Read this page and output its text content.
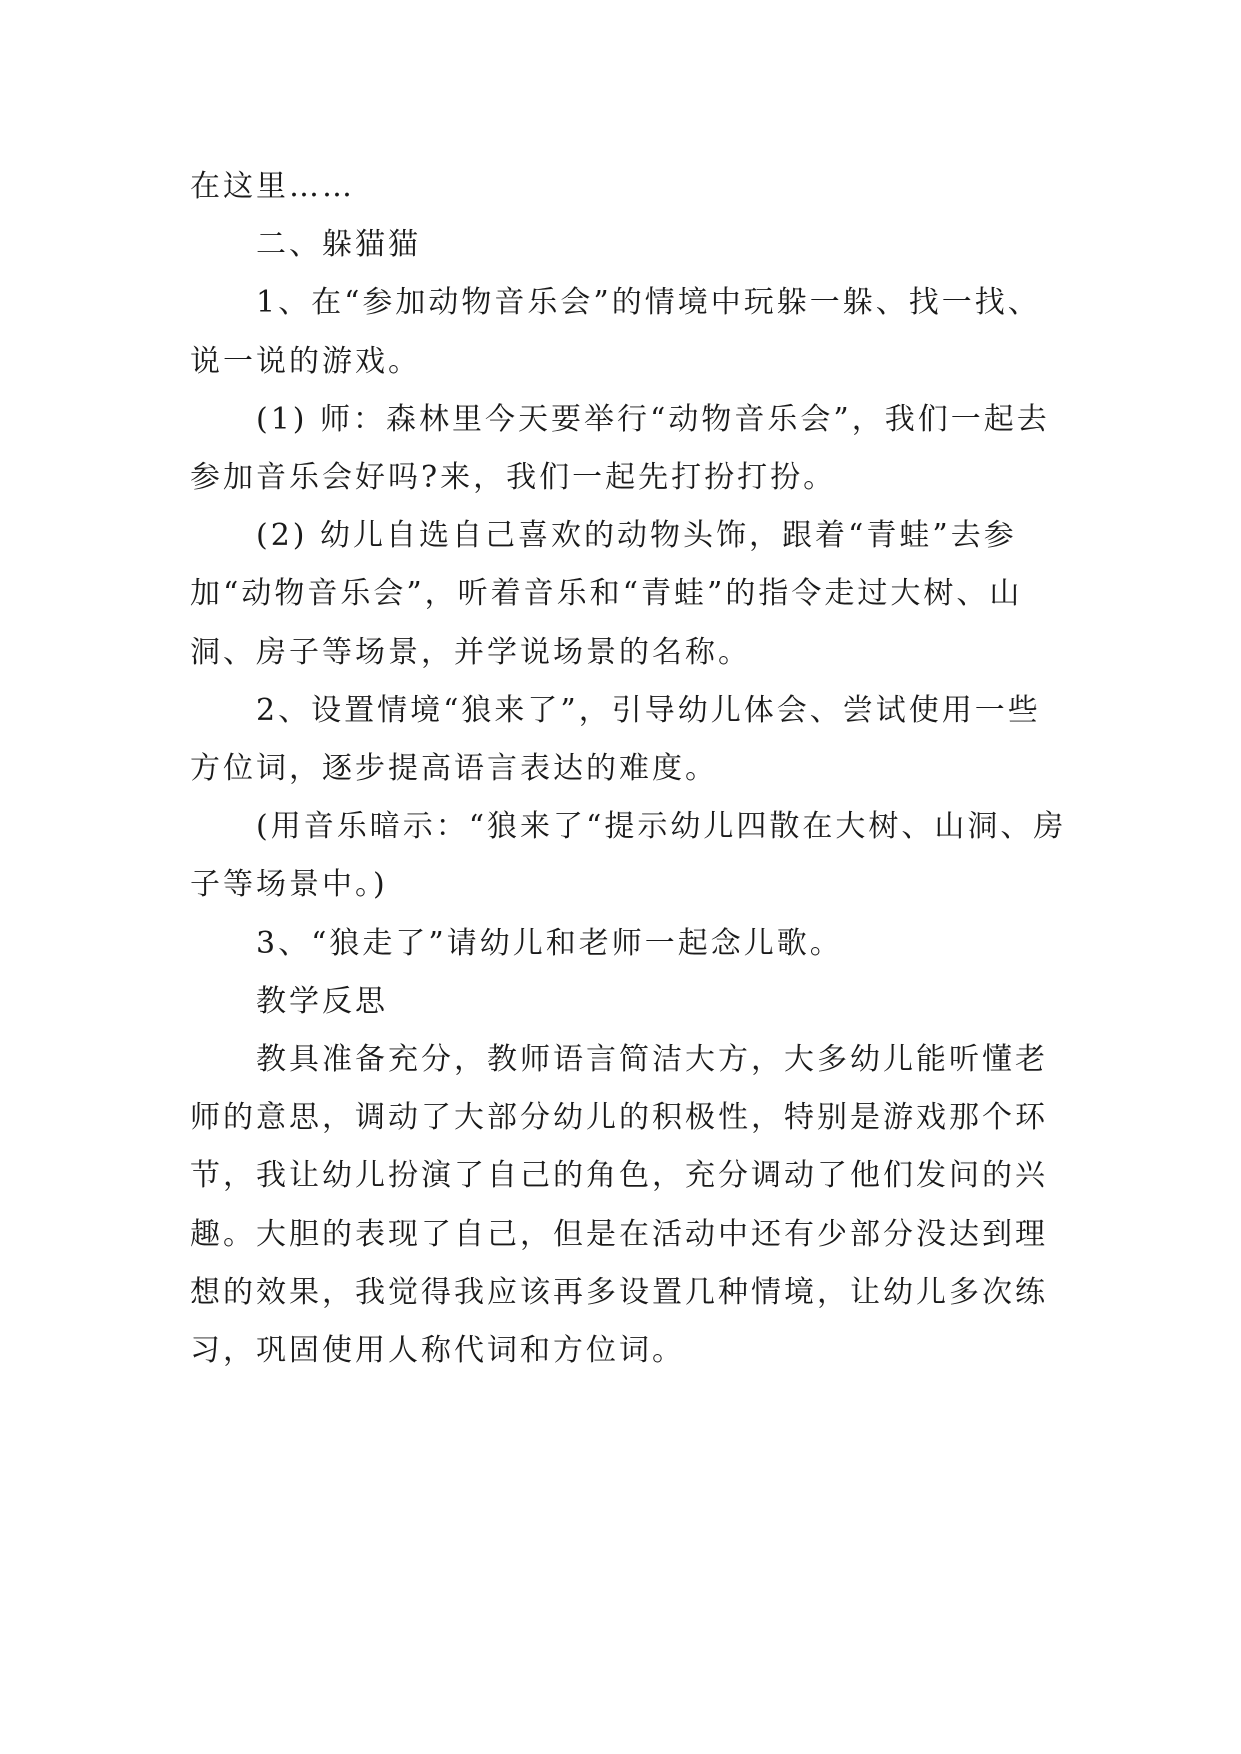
在这里……

二、躲猫猫

1、在“参加动物音乐会”的情境中玩躲一躲、找一找、说一说的游戏。

(1) 师：森林里今天要举行“动物音乐会”，我们一起去参加音乐会好吗?来，我们一起先打扮打扮。

(2) 幼儿自选自己喜欢的动物头饰，跟着“青蛙”去参加“动物音乐会”，听着音乐和“青蛙”的指令走过大树、山洞、房子等场景，并学说场景的名称。

2、设置情境“狼来了”，引导幼儿体会、尝试使用一些方位词，逐步提高语言表达的难度。

(用音乐暗示：“狼来了“提示幼儿四散在大树、山洞、房子等场景中。)

3、“狼走了”请幼儿和老师一起念儿歌。

教学反思

教具准备充分，教师语言简洁大方，大多幼儿能听懂老师的意思，调动了大部分幼儿的积极性，特别是游戏那个环节，我让幼儿扮演了自己的角色，充分调动了他们发问的兴趣。大胆的表现了自己，但是在活动中还有少部分没达到理想的效果，我觉得我应该再多设置几种情境，让幼儿多次练习，巩固使用人称代词和方位词。
